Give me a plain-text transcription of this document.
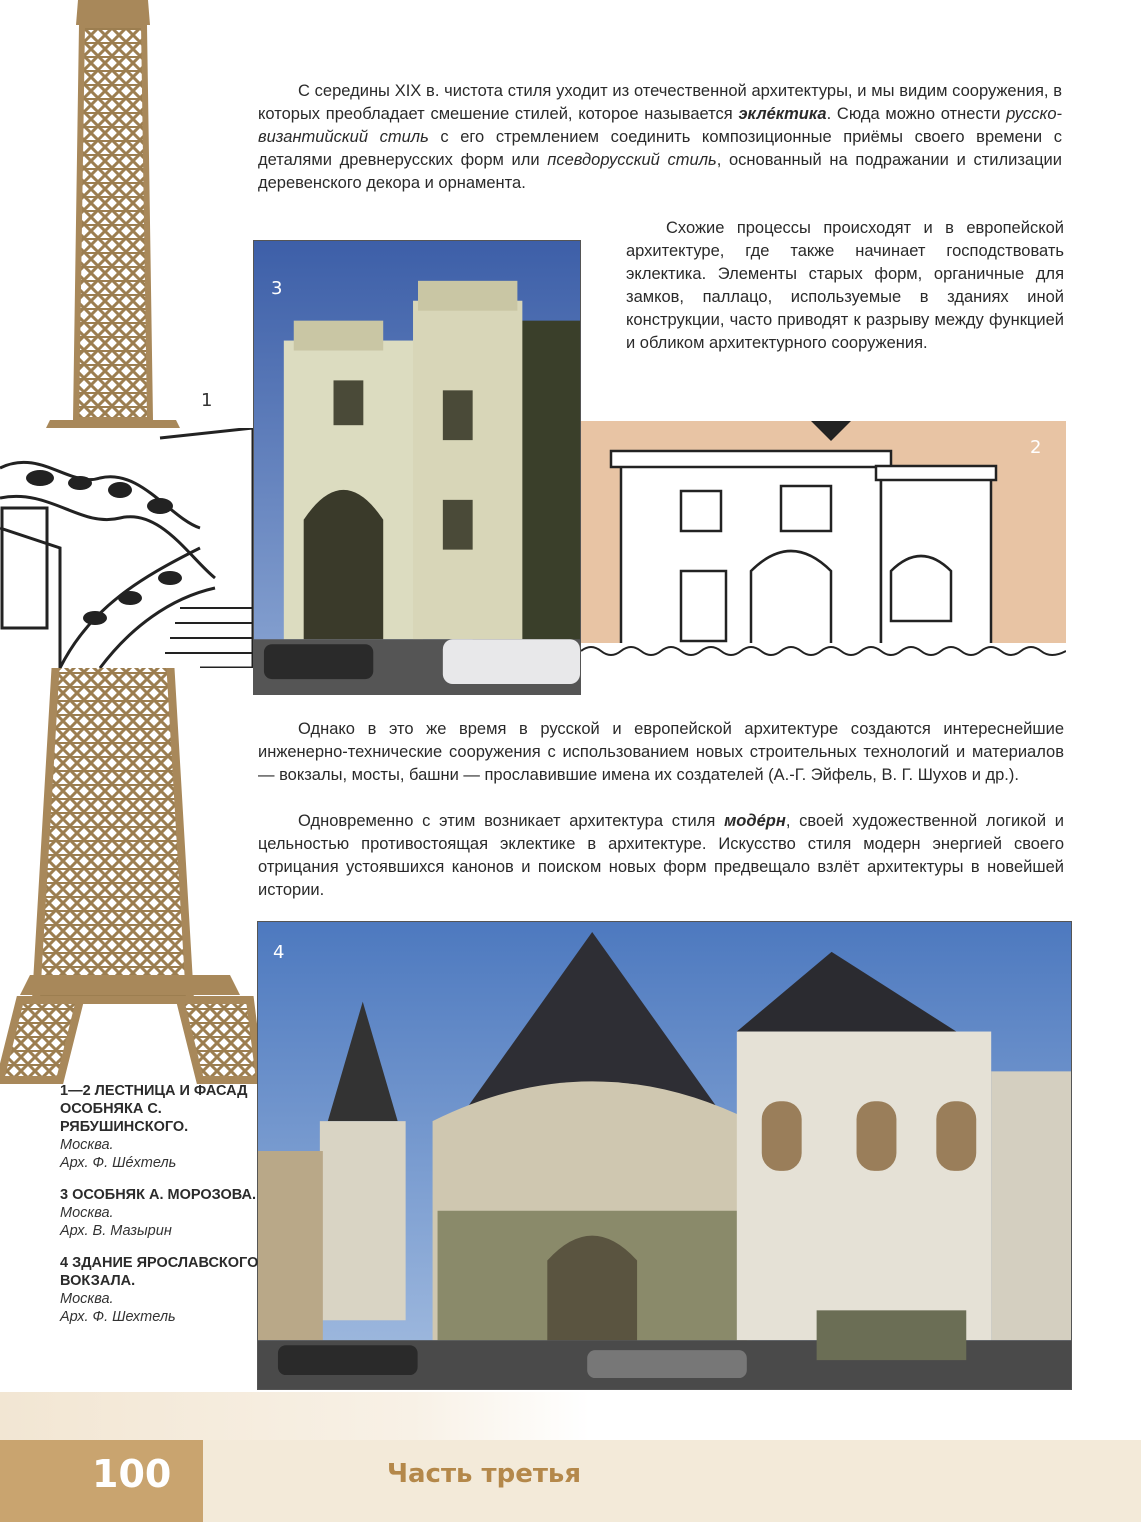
С середины XIX в. чистота стиля уходит из отечественной архитектуры, и мы видим сооружения, в которых преобладает смешение стилей, которое называется эклéктика. Сюда можно отнести русско-византийский стиль с его стремлением соединить композиционные приёмы своего времени с деталями древнерусских форм или псевдорусский стиль, основанный на подражании и стилизации деревенского декора и орнамента.

Схожие процессы происходят и в европейской архитектуре, где также начинает господствовать эклектика. Элементы старых форм, органичные для замков, паллацо, используемые в зданиях иной конструкции, часто приводят к разрыву между функцией и обликом архитектурного сооружения.

1
3
2

Однако в это же время в русской и европейской архитектуре создаются интереснейшие инженерно-технические сооружения с использованием новых строительных технологий и материалов — вокзалы, мосты, башни — прославившие имена их создателей (А.-Г. Эйфель, В. Г. Шухов и др.).

Одновременно с этим возникает архитектура стиля модéрн, своей художественной логикой и цельностью противостоящая эклектике в архитектуре. Искусство стиля модерн энергией своего отрицания устоявшихся канонов и поиском новых форм предвещало взлёт архитектуры в новейшей истории.

4
1—2 ЛЕСТНИЦА И ФАСАД ОСОБНЯКА С. РЯБУШИНСКОГО.
Москва.
Арх. Ф. Шéхтель
3 ОСОБНЯК А. МОРОЗОВА.
Москва.
Арх. В. Мазырин
4 ЗДАНИЕ ЯРОСЛАВСКОГО ВОКЗАЛА.
Москва.
Арх. Ф. Шехтель
100	Часть третья
